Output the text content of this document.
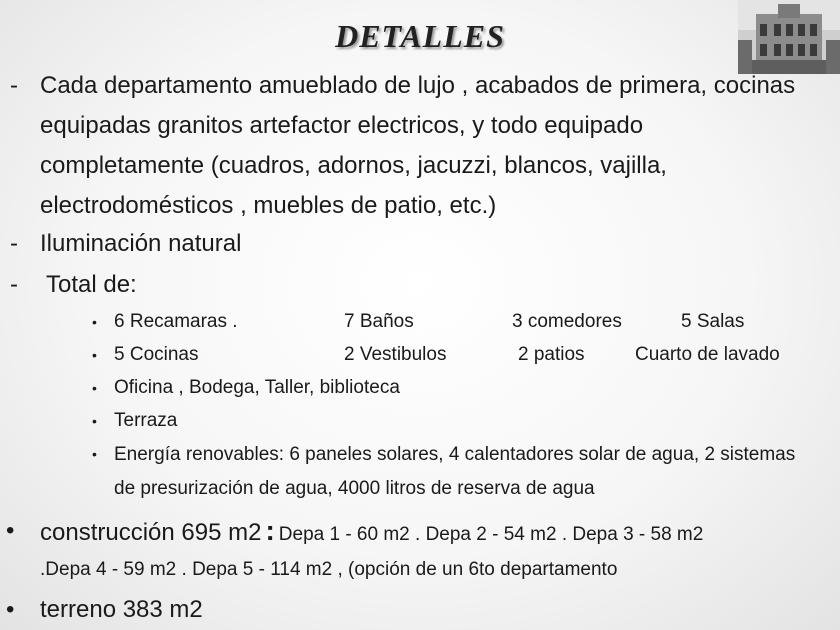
DETALLES
- Cada departamento amueblado de lujo , acabados de primera, cocinas equipadas granitos artefactor electricos, y todo equipado completamente (cuadros, adornos, jacuzzi, blancos, vajilla, electrodomésticos , muebles de patio, etc.)
- Iluminación natural
- Total de:
• 6 Recamaras .	7 Baños	3 comedores	5 Salas
• 5 Cocinas	2 Vestibulos	2 patios	Cuarto de lavado
• Oficina , Bodega, Taller, biblioteca
• Terraza
• Energía renovables: 6 paneles solares, 4 calentadores solar de agua, 2 sistemas de presurización de agua, 4000 litros de reserva de agua
• construcción 695 m2 : Depa 1 - 60 m2 . Depa 2 - 54 m2 . Depa 3 - 58 m2
.Depa 4 - 59 m2 . Depa 5 - 114 m2 , (opción de un 6to departamento
• terreno 383 m2
